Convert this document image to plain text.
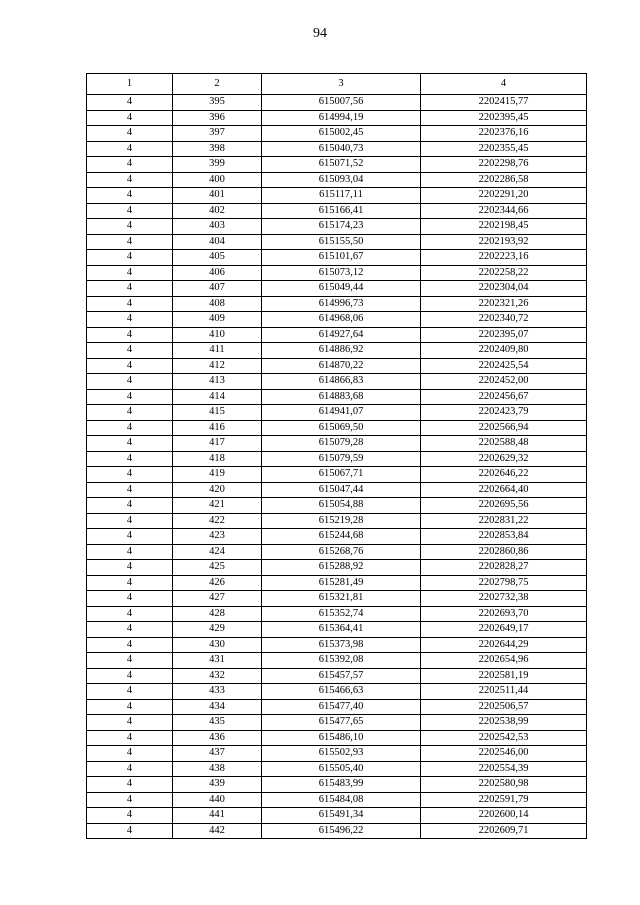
94
1	2	3	4
4	395	615007,56	2202415,77
4	396	614994,19	2202395,45
4	397	615002,45	2202376,16
4	398	615040,73	2202355,45
4	399	615071,52	2202298,76
4	400	615093,04	2202286,58
4	401	615117,11	2202291,20
4	402	615166,41	2202344,66
4	403	615174,23	2202198,45
4	404	615155,50	2202193,92
4	405	615101,67	2202223,16
4	406	615073,12	2202258,22
4	407	615049,44	2202304,04
4	408	614996,73	2202321,26
4	409	614968,06	2202340,72
4	410	614927,64	2202395,07
4	411	614886,92	2202409,80
4	412	614870,22	2202425,54
4	413	614866,83	2202452,00
4	414	614883,68	2202456,67
4	415	614941,07	2202423,79
4	416	615069,50	2202566,94
4	417	615079,28	2202588,48
4	418	615079,59	2202629,32
4	419	615067,71	2202646,22
4	420	615047,44	2202664,40
4	421	615054,88	2202695,56
4	422	615219,28	2202831,22
4	423	615244,68	2202853,84
4	424	615268,76	2202860,86
4	425	615288,92	2202828,27
4	426	615281,49	2202798,75
4	427	615321,81	2202732,38
4	428	615352,74	2202693,70
4	429	615364,41	2202649,17
4	430	615373,98	2202644,29
4	431	615392,08	2202654,96
4	432	615457,57	2202581,19
4	433	615466,63	2202511,44
4	434	615477,40	2202506,57
4	435	615477,65	2202538,99
4	436	615486,10	2202542,53
4	437	615502,93	2202546,00
4	438	615505,40	2202554,39
4	439	615483,99	2202580,98
4	440	615484,08	2202591,79
4	441	615491,34	2202600,14
4	442	615496,22	2202609,71
